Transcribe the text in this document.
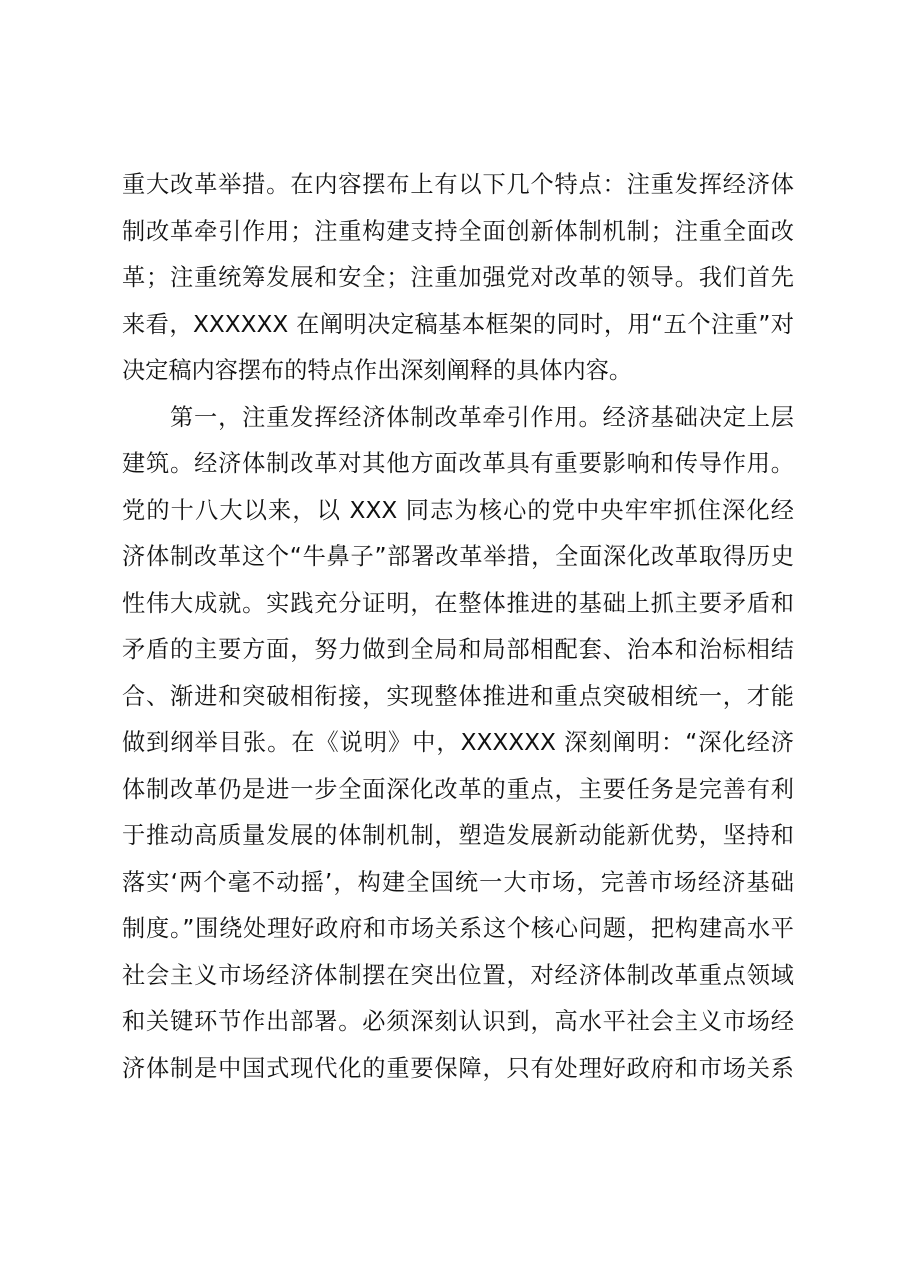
重大改革举措。在内容摆布上有以下几个特点：注重发挥经济体
制改革牵引作用；注重构建支持全面创新体制机制；注重全面改
革；注重统筹发展和安全；注重加强党对改革的领导。我们首先
来看，XXXXXX 在阐明决定稿基本框架的同时，用“五个注重”对
决定稿内容摆布的特点作出深刻阐释的具体内容。
第一，注重发挥经济体制改革牵引作用。经济基础决定上层
建筑。经济体制改革对其他方面改革具有重要影响和传导作用。
党的十八大以来，以 XXX 同志为核心的党中央牢牢抓住深化经
济体制改革这个“牛鼻子”部署改革举措，全面深化改革取得历史
性伟大成就。实践充分证明，在整体推进的基础上抓主要矛盾和
矛盾的主要方面，努力做到全局和局部相配套、治本和治标相结
合、渐进和突破相衔接，实现整体推进和重点突破相统一，才能
做到纲举目张。在《说明》中，XXXXXX 深刻阐明：“深化经济
体制改革仍是进一步全面深化改革的重点，主要任务是完善有利
于推动高质量发展的体制机制，塑造发展新动能新优势，坚持和
落实‘两个毫不动摇’，构建全国统一大市场，完善市场经济基础
制度。”围绕处理好政府和市场关系这个核心问题，把构建高水平
社会主义市场经济体制摆在突出位置，对经济体制改革重点领域
和关键环节作出部署。必须深刻认识到，高水平社会主义市场经
济体制是中国式现代化的重要保障，只有处理好政府和市场关系
